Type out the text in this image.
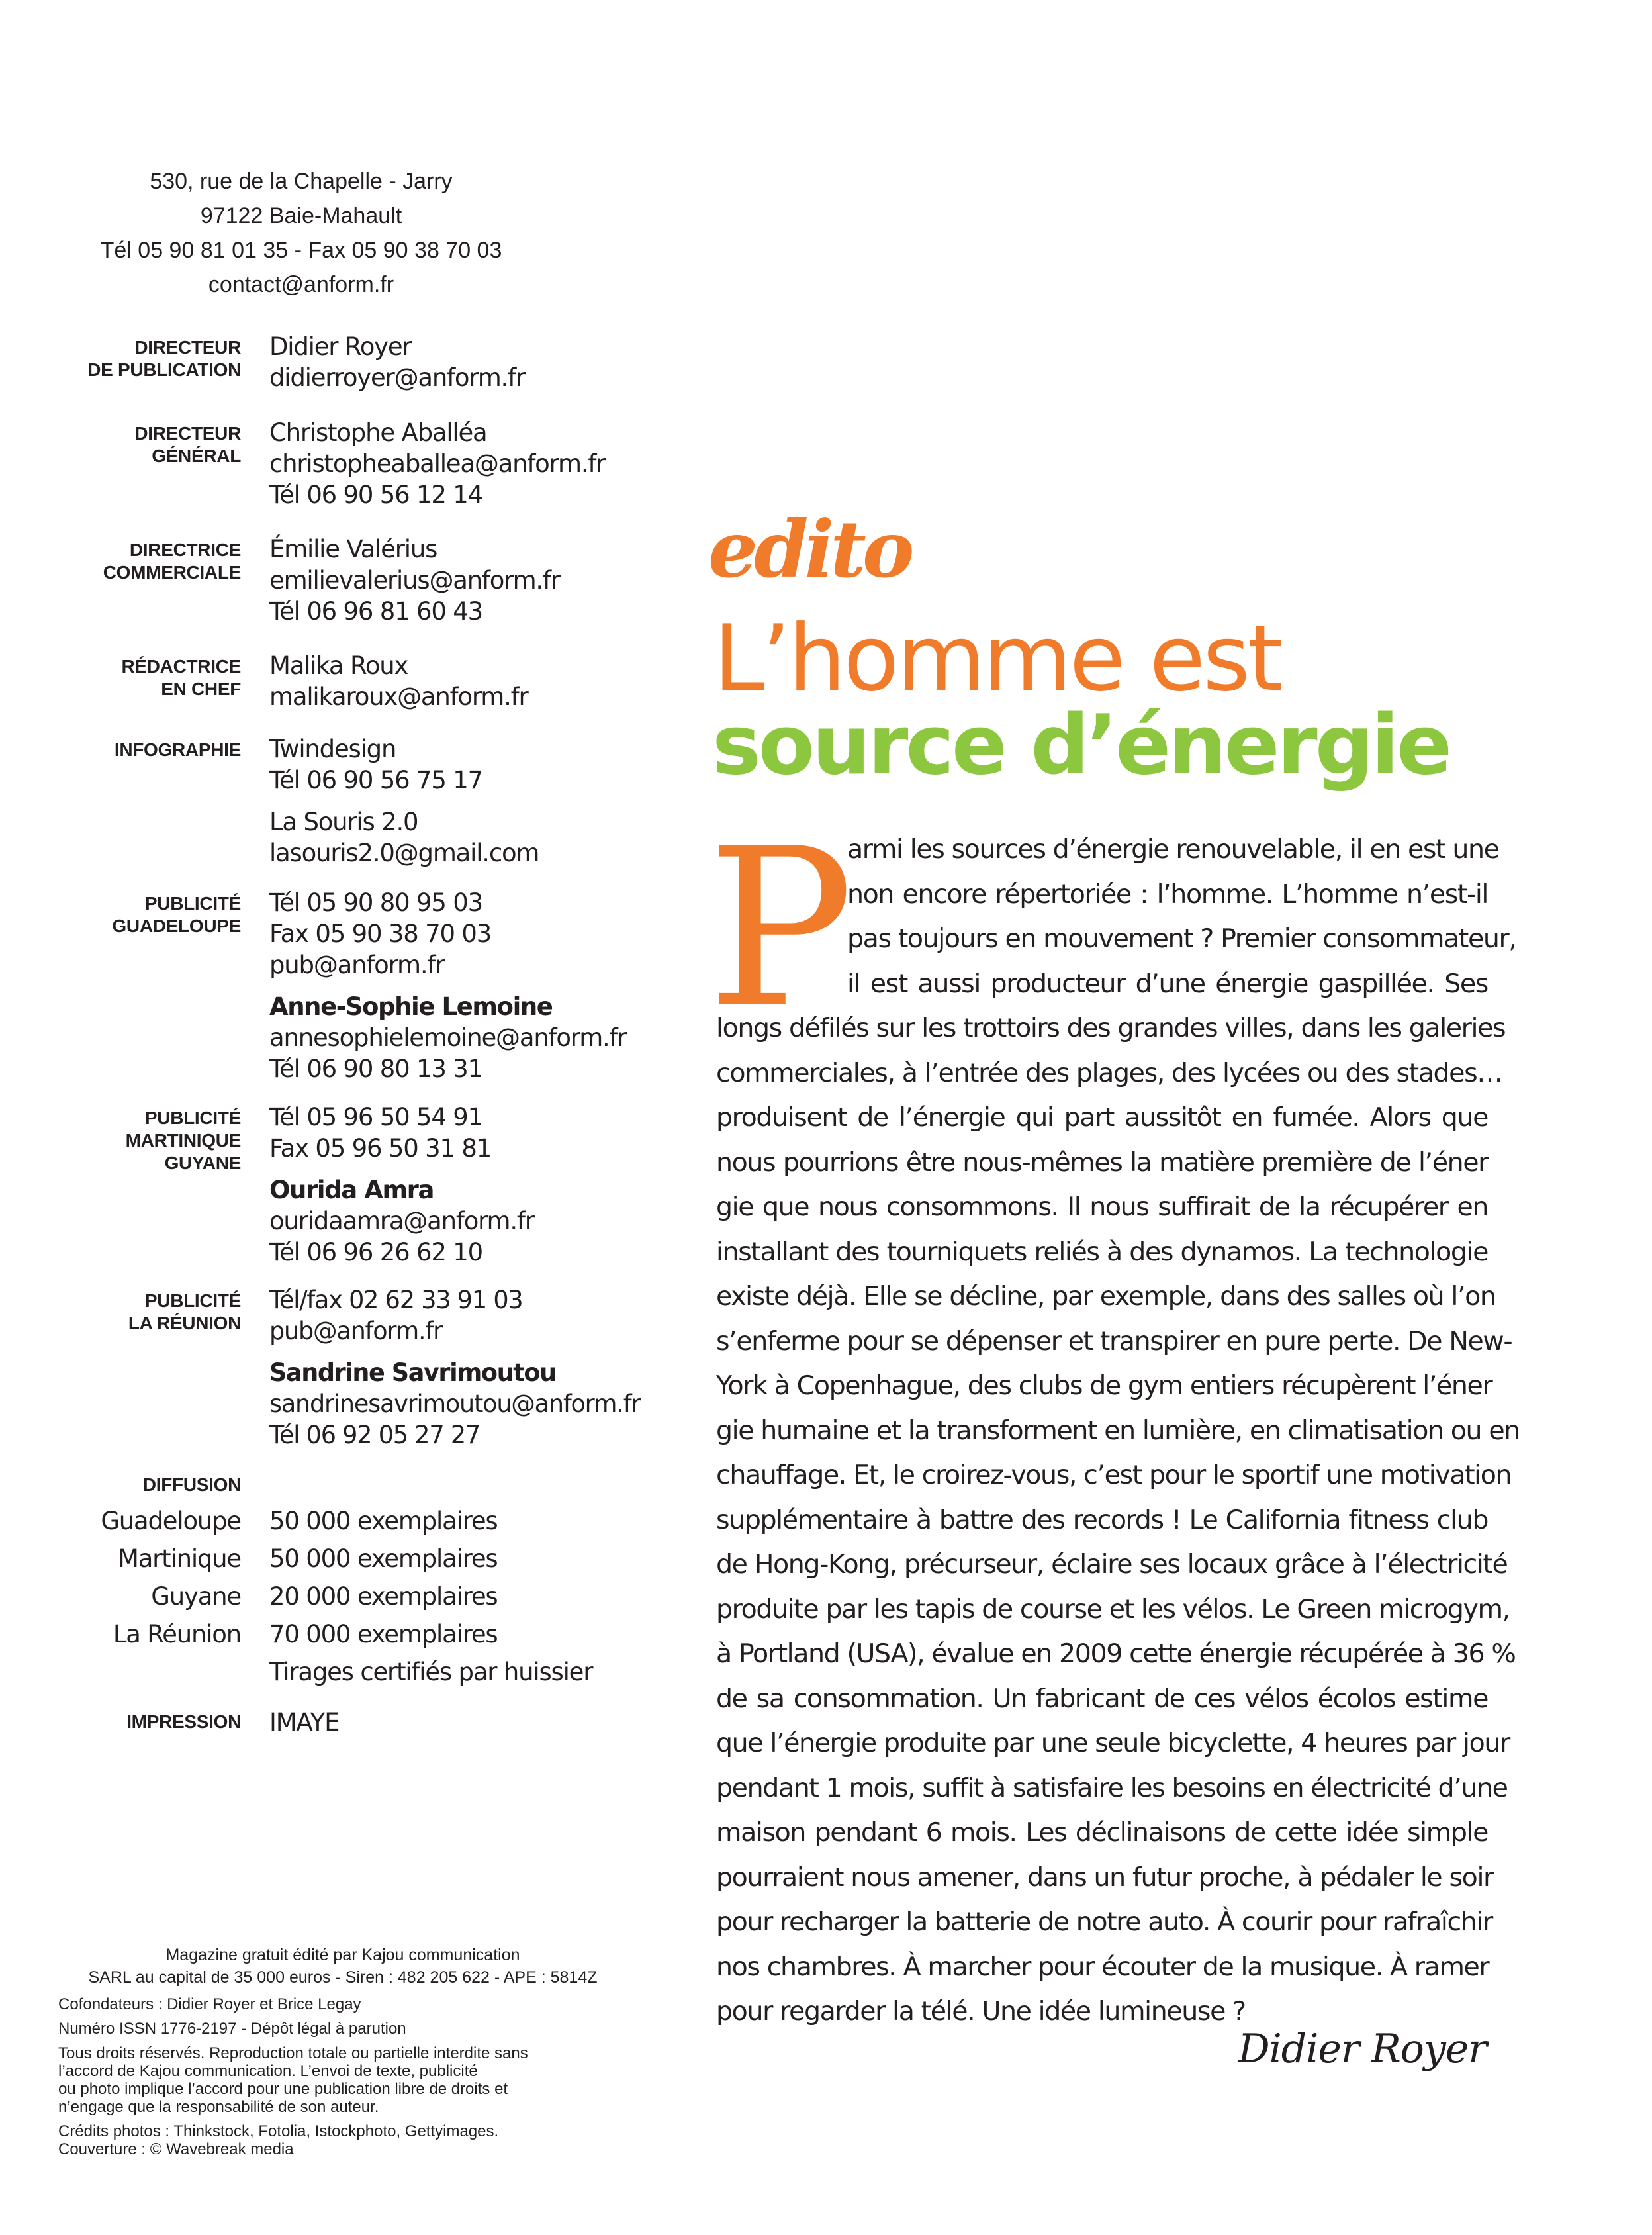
530, rue de la Chapelle - Jarry
97122 Baie-Mahault
Tél 05 90 81 01 35 - Fax 05 90 38 70 03
contact@anform.fr
DIRECTEUR
DE PUBLICATION
Didier Royer
didierroyer@anform.fr
DIRECTEUR
GÉNÉRAL
Christophe Aballéa
christopheaballea@anform.fr
Tél 06 90 56 12 14
DIRECTRICE
COMMERCIALE
Émilie Valérius
emilievalerius@anform.fr
Tél 06 96 81 60 43
RÉDACTRICE
EN CHEF
Malika Roux
malikaroux@anform.fr
INFOGRAPHIE Twindesign
Tél 06 90 56 75 17
La Souris 2.0
lasouris2.0@gmail.com
PUBLICITÉ
GUADELOUPE
Tél 05 90 80 95 03
Fax 05 90 38 70 03
pub@anform.fr
Anne-Sophie Lemoine
annesophielemoine@anform.fr
Tél 06 90 80 13 31
PUBLICITÉ
MARTINIQUE
GUYANE
Tél 05 96 50 54 91
Fax 05 96 50 31 81
Ourida Amra
ouridaamra@anform.fr
Tél 06 96 26 62 10
PUBLICITÉ
LA RÉUNION
Tél/fax 02 62 33 91 03
pub@anform.fr
Sandrine Savrimoutou
sandrinesavrimoutou@anform.fr
Tél 06 92 05 27 27
DIFFUSION
Guadeloupe 50 000 exemplaires
Martinique 50 000 exemplaires
Guyane 20 000 exemplaires
La Réunion 70 000 exemplaires
Tirages certifiés par huissier
IMPRESSION IMAYE

Magazine gratuit édité par Kajou communication

SARL au capital de 35 000 euros - Siren : 482 205 622 - APE : 5814Z

Cofondateurs : Didier Royer et Brice Legay

Numéro ISSN 1776-2197 - Dépôt légal à parution

Tous droits réservés. Reproduction totale ou partielle interdite sans

l’accord de Kajou communication. L’envoi de texte, publicité

ou photo implique l’accord pour une publication libre de droits et

n’engage que la responsabilité de son auteur.

Crédits photos : Thinkstock, Fotolia, Istockphoto, Gettyimages.

Couverture : © Wavebreak media

edito
L’homme est
source d’énergie
P
armi les sources d’énergie renouvelable, il en est une
non encore répertoriée : l’homme. L’homme n’est-il
pas toujours en mouvement ? Premier consommateur,
il est aussi producteur d’une énergie gaspillée. Ses
longs défilés sur les trottoirs des grandes villes, dans les galeries
commerciales, à l’entrée des plages, des lycées ou des stades…
produisent de l’énergie qui part aussitôt en fumée. Alors que
nous pourrions être nous-mêmes la matière première de l’éner
gie que nous consommons. Il nous suffirait de la récupérer en
installant des tourniquets reliés à des dynamos. La technologie
existe déjà. Elle se décline, par exemple, dans des salles où l’on
s’enferme pour se dépenser et transpirer en pure perte. De New-
York à Copenhague, des clubs de gym entiers récupèrent l’éner
gie humaine et la transforment en lumière, en climatisation ou en
chauffage. Et, le croirez-vous, c’est pour le sportif une motivation
supplémentaire à battre des records ! Le California fitness club
de Hong-Kong, précurseur, éclaire ses locaux grâce à l’électricité
produite par les tapis de course et les vélos. Le Green microgym,
à Portland (USA), évalue en 2009 cette énergie récupérée à 36 %
de sa consommation. Un fabricant de ces vélos écolos estime
que l’énergie produite par une seule bicyclette, 4 heures par jour
pendant 1 mois, suffit à satisfaire les besoins en électricité d’une
maison pendant 6 mois. Les déclinaisons de cette idée simple
pourraient nous amener, dans un futur proche, à pédaler le soir
pour recharger la batterie de notre auto. À courir pour rafraîchir
nos chambres. À marcher pour écouter de la musique. À ramer
pour regarder la télé. Une idée lumineuse ?
Didier Royer
